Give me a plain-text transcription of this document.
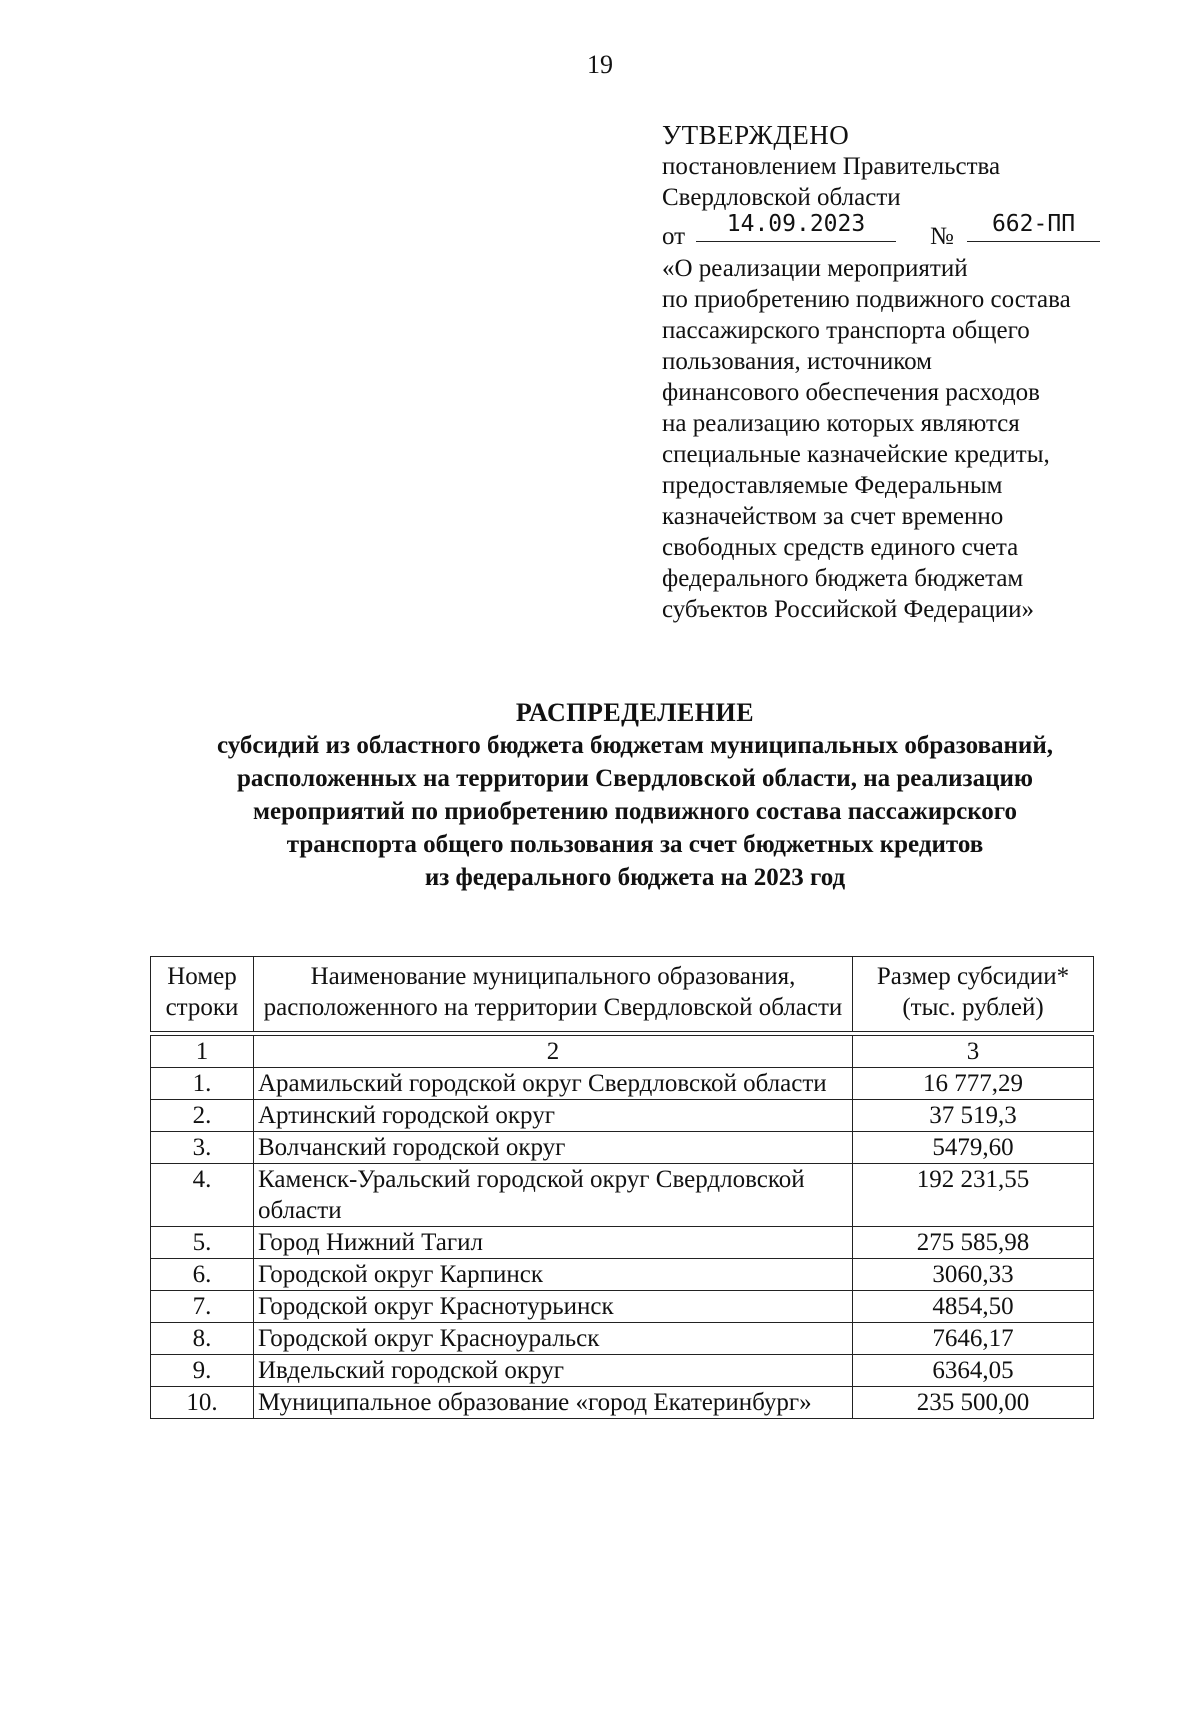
19
УТВЕРЖДЕНО
постановлением Правительства
Свердловской области
от	14.09.2023	№	662-ПП
«О реализации мероприятий
по приобретению подвижного состава
пассажирского транспорта общего
пользования, источником
финансового обеспечения расходов
на реализацию которых являются
специальные казначейские кредиты,
предоставляемые Федеральным
казначейством за счет временно
свободных средств единого счета
федерального бюджета бюджетам
субъектов Российской Федерации»
РАСПРЕДЕЛЕНИЕ
субсидий из областного бюджета бюджетам муниципальных образований,
расположенных на территории Свердловской области, на реализацию
мероприятий по приобретению подвижного состава пассажирского
транспорта общего пользования за счет бюджетных кредитов
из федерального бюджета на 2023 год
Номер строки	Наименование муниципального образования, расположенного на территории Свердловской области	Размер субсидии* (тыс. рублей)

1	2	3
1.	Арамильский городской округ Свердловской области	16 777,29
2.	Артинский городской округ	37 519,3
3.	Волчанский городской округ	5479,60
4.	Каменск-Уральский городской округ Свердловской области	192 231,55
5.	Город Нижний Тагил	275 585,98
6.	Городской округ Карпинск	3060,33
7.	Городской округ Краснотурьинск	4854,50
8.	Городской округ Красноуральск	7646,17
9.	Ивдельский городской округ	6364,05
10.	Муниципальное образование «город Екатеринбург»	235 500,00
